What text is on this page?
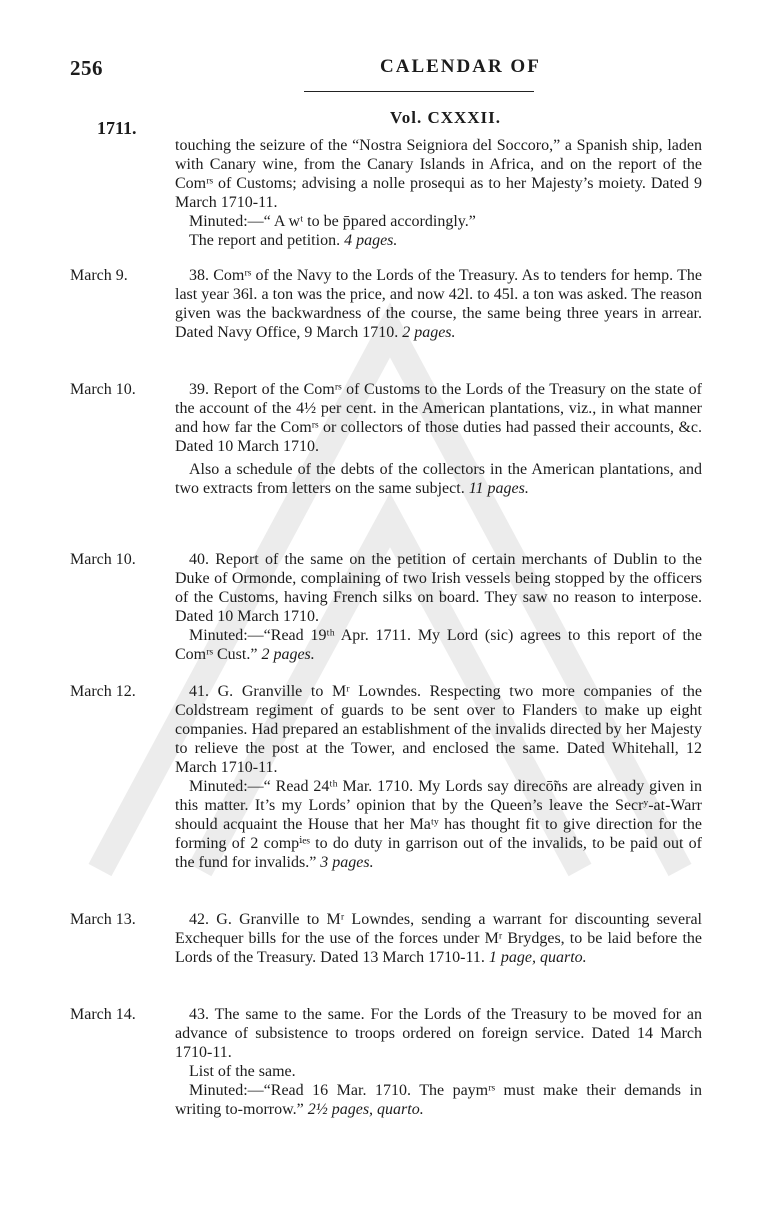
256	CALENDAR OF
1711.
Vol. CXXXII.

touching the seizure of the “Nostra Seigniora del Soccoro,” a Spanish ship, laden with Canary wine, from the Canary Islands in Africa, and on the report of the Comʳˢ of Customs; advising a nolle prosequi as to her Majesty’s moiety. Dated 9 March 1710-11.

Minuted:—“ A wᵗ to be p̄pared accordingly.”

The report and petition. 4 pages.

March 9.	38. Comʳˢ of the Navy to the Lords of the Treasury. As to tenders for hemp. The last year 36l. a ton was the price, and now 42l. to 45l. a ton was asked. The reason given was the backwardness of the course, the same being three years in arrear. Dated Navy Office, 9 March 1710. 2 pages.

March 10.	39. Report of the Comʳˢ of Customs to the Lords of the Treasury on the state of the account of the 4½ per cent. in the American plantations, viz., in what manner and how far the Comʳˢ or collectors of those duties had passed their accounts, &c. Dated 10 March 1710.

Also a schedule of the debts of the collectors in the American plantations, and two extracts from letters on the same subject. 11 pages.

March 10.	40. Report of the same on the petition of certain merchants of Dublin to the Duke of Ormonde, complaining of two Irish vessels being stopped by the officers of the Customs, having French silks on board. They saw no reason to interpose. Dated 10 March 1710.

Minuted:—“Read 19ᵗʰ Apr. 1711. My Lord (sic) agrees to this report of the Comʳˢ Cust.” 2 pages.

March 12.	41. G. Granville to Mʳ Lowndes. Respecting two more companies of the Coldstream regiment of guards to be sent over to Flanders to make up eight companies. Had prepared an establishment of the invalids directed by her Majesty to relieve the post at the Tower, and enclosed the same. Dated Whitehall, 12 March 1710-11.

Minuted:—“ Read 24ᵗʰ Mar. 1710. My Lords say direcō̃ns are already given in this matter. It’s my Lords’ opinion that by the Queen’s leave the Secrʸ-at-Warr should acquaint the House that her Maᵗʸ has thought fit to give direction for the forming of 2 compⁱᵉˢ to do duty in garrison out of the invalids, to be paid out of the fund for invalids.” 3 pages.

March 13.	42. G. Granville to Mʳ Lowndes, sending a warrant for discounting several Exchequer bills for the use of the forces under Mʳ Brydges, to be laid before the Lords of the Treasury. Dated 13 March 1710-11. 1 page, quarto.

March 14.	43. The same to the same. For the Lords of the Treasury to be moved for an advance of subsistence to troops ordered on foreign service. Dated 14 March 1710-11.

List of the same.

Minuted:—“Read 16 Mar. 1710. The paymʳˢ must make their demands in writing to-morrow.” 2½ pages, quarto.
